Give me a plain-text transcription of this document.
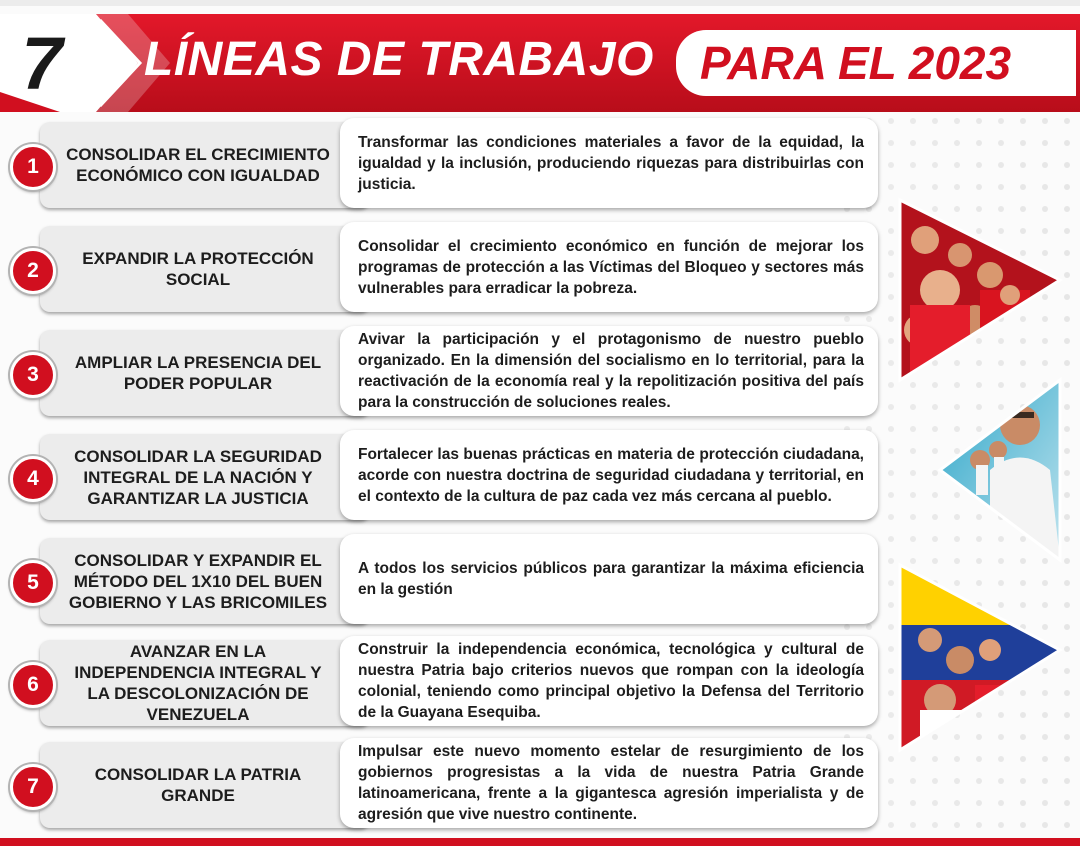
7 LÍNEAS DE TRABAJO PARA EL 2023
CONSOLIDAR EL CRECIMIENTO ECONÓMICO CON IGUALDAD
Transformar las condiciones materiales a favor de la equidad, la igualdad y la inclusión, produciendo riquezas para distribuirlas con justicia.
1
EXPANDIR LA PROTECCIÓN SOCIAL
Consolidar el crecimiento económico en función de mejorar los programas de protección a las Víctimas del Bloqueo y sectores más vulnerables para erradicar la pobreza.
2
AMPLIAR LA PRESENCIA DEL PODER POPULAR
Avivar la participación y el protagonismo de nuestro pueblo organizado. En la dimensión del socialismo en lo territorial, para la reactivación de la economía real y la repolitización positiva del país para la construcción de soluciones reales.
3
CONSOLIDAR LA SEGURIDAD INTEGRAL DE LA NACIÓN Y GARANTIZAR LA JUSTICIA
Fortalecer las buenas prácticas en materia de protección ciudadana, acorde con nuestra doctrina de seguridad ciudadana y territorial, en el contexto de la cultura de paz cada vez más cercana al pueblo.
4
CONSOLIDAR Y EXPANDIR EL MÉTODO DEL 1X10 DEL BUEN GOBIERNO Y LAS BRICOMILES
A todos los servicios públicos para garantizar la máxima eficiencia en la gestión
5
AVANZAR EN LA INDEPENDENCIA INTEGRAL Y LA DESCOLONIZACIÓN DE VENEZUELA
Construir la independencia económica, tecnológica y cultural de nuestra Patria bajo criterios nuevos que rompan con la ideología colonial, teniendo como principal objetivo la Defensa del Territorio de la Guayana Esequiba.
6
CONSOLIDAR LA PATRIA GRANDE
Impulsar este nuevo momento estelar de resurgimiento de los gobiernos progresistas a la vida de nuestra Patria Grande latinoamericana, frente a la gigantesca agresión imperialista y de agresión que vive nuestro continente.
7
